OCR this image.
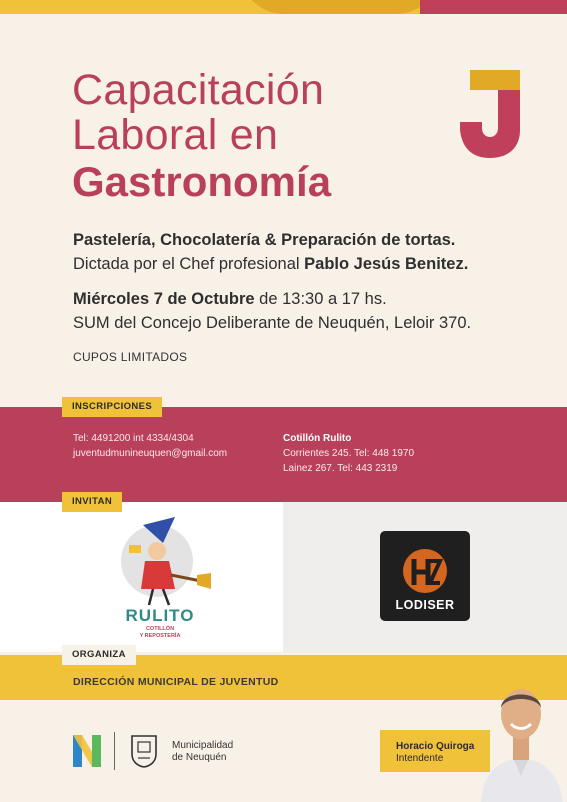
Capacitación
Laboral en
Gastronomía
Pastelería, Chocolatería & Preparación de tortas.
Dictada por el Chef profesional Pablo Jesús Benitez.
Miércoles 7 de Octubre de 13:30 a 17 hs.
SUM del Concejo Deliberante de Neuquén, Leloir 370.
CUPOS LIMITADOS
INSCRIPCIONES
Tel: 4491200 int 4334/4304
juventudmunineuquen@gmail.com
Cotillón Rulito
Corrientes 245. Tel: 448 1970
Lainez 267. Tel: 443 2319
INVITAN
RULITO
COTILLÓN
Y REPOSTERÍA
LODISER
ORGANIZA
DIRECCIÓN MUNICIPAL DE JUVENTUD
Municipalidad
de Neuquén
Horacio Quiroga
Intendente
